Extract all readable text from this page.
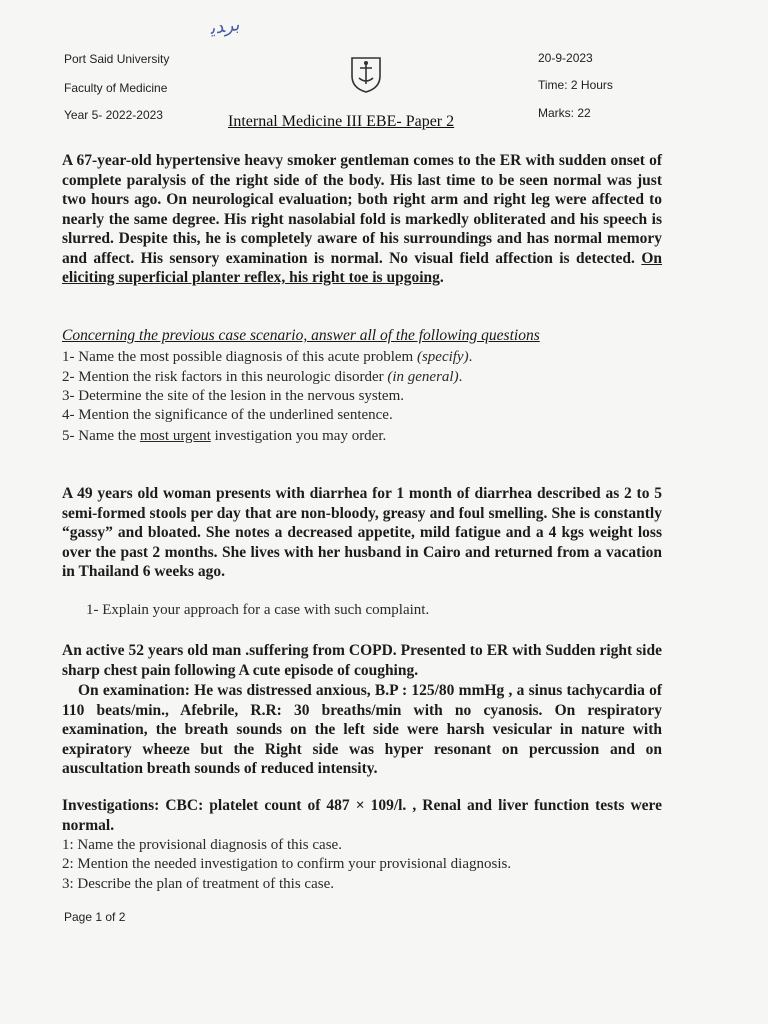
ﺑﺮﺪﻳ
Port Said University
Faculty of Medicine
Year 5- 2022-2023
20-9-2023
Time: 2 Hours
Marks: 22
Internal Medicine III EBE- Paper 2
A 67-year-old hypertensive heavy smoker gentleman comes to the ER with sudden onset of complete paralysis of the right side of the body. His last time to be seen normal was just two hours ago. On neurological evaluation; both right arm and right leg were affected to nearly the same degree. His right nasolabial fold is markedly obliterated and his speech is slurred. Despite this, he is completely aware of his surroundings and has normal memory and affect. His sensory examination is normal. No visual field affection is detected. On eliciting superficial planter reflex, his right toe is upgoing.
Concerning the previous case scenario, answer all of the following questions
1- Name the most possible diagnosis of this acute problem (specify).
2- Mention the risk factors in this neurologic disorder (in general).
3- Determine the site of the lesion in the nervous system.
4- Mention the significance of the underlined sentence.
5- Name the most urgent investigation you may order.
A 49 years old woman presents with diarrhea for 1 month of diarrhea described as 2 to 5 semi-formed stools per day that are non-bloody, greasy and foul smelling. She is constantly “gassy” and bloated. She notes a decreased appetite, mild fatigue and a 4 kgs weight loss over the past 2 months. She lives with her husband in Cairo and returned from a vacation in Thailand 6 weeks ago.
1- Explain your approach for a case with such complaint.
An active 52 years old man .suffering from COPD. Presented to ER with Sudden right side sharp chest pain following A cute episode of coughing.
On examination: He was distressed anxious, B.P : 125/80 mmHg , a sinus tachycardia of 110 beats/min., Afebrile, R.R: 30 breaths/min with no cyanosis. On respiratory examination, the breath sounds on the left side were harsh vesicular in nature with expiratory wheeze but the Right side was hyper resonant on percussion and on auscultation breath sounds of reduced intensity.
Investigations: CBC: platelet count of 487 × 109/l. , Renal and liver function tests were normal.
1: Name the provisional diagnosis of this case.
2: Mention the needed investigation to confirm your provisional diagnosis.
3: Describe the plan of treatment of this case.
Page 1 of 2
